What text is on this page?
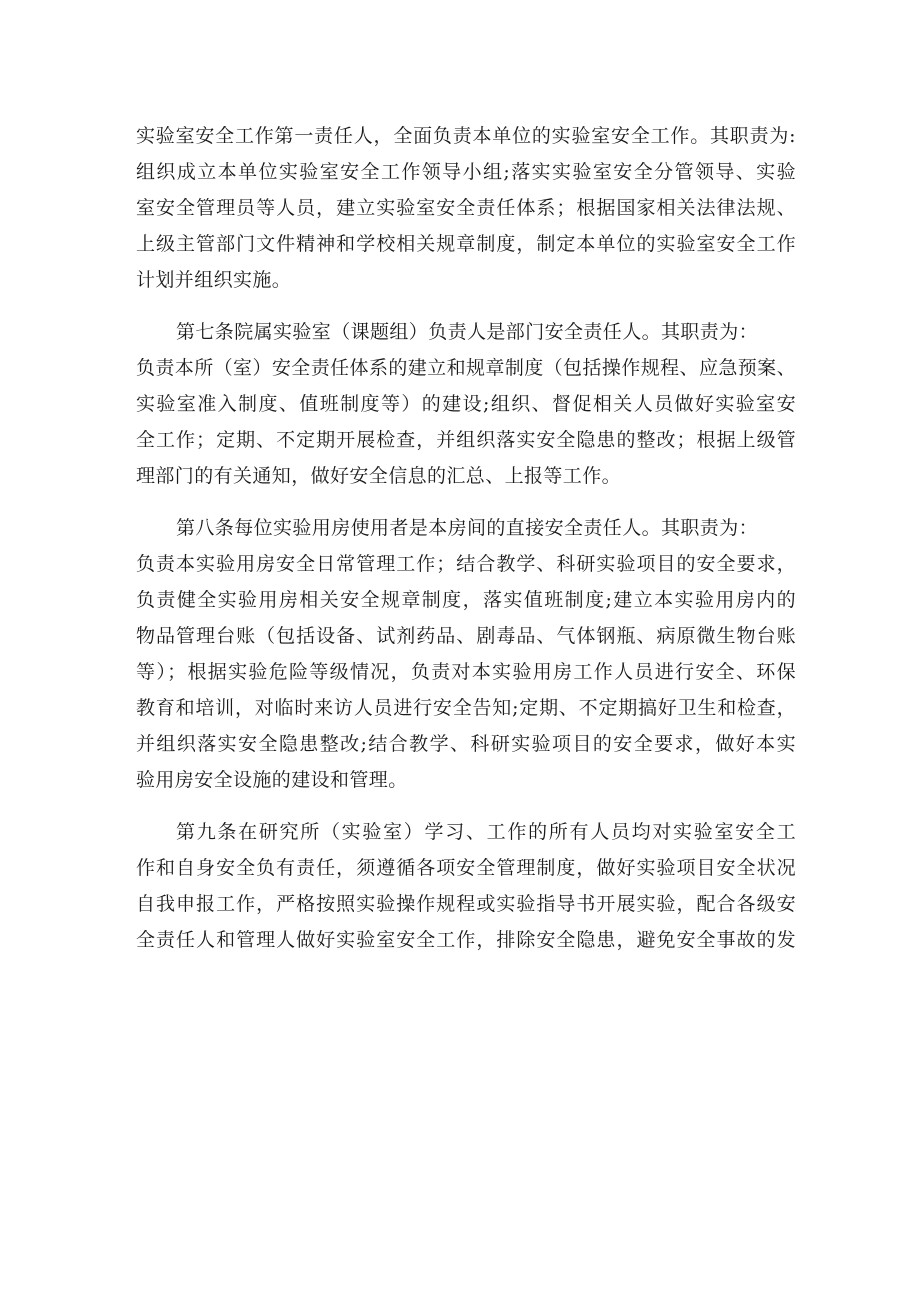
实验室安全工作第一责任人，全面负责本单位的实验室安全工作。其职责为:
组织成立本单位实验室安全工作领导小组;落实实验室安全分管领导、实验
室安全管理员等人员，建立实验室安全责任体系；根据国家相关法律法规、
上级主管部门文件精神和学校相关规章制度，制定本单位的实验室安全工作
计划并组织实施。
第七条院属实验室（课题组）负责人是部门安全责任人。其职责为：
负责本所（室）安全责任体系的建立和规章制度（包括操作规程、应急预案、
实验室准入制度、值班制度等）的建设;组织、督促相关人员做好实验室安
全工作；定期、不定期开展检查，并组织落实安全隐患的整改；根据上级管
理部门的有关通知，做好安全信息的汇总、上报等工作。
第八条每位实验用房使用者是本房间的直接安全责任人。其职责为：
负责本实验用房安全日常管理工作；结合教学、科研实验项目的安全要求，
负责健全实验用房相关安全规章制度，落实值班制度;建立本实验用房内的
物品管理台账（包括设备、试剂药品、剧毒品、气体钢瓶、病原微生物台账
等）；根据实验危险等级情况，负责对本实验用房工作人员进行安全、环保
教育和培训，对临时来访人员进行安全告知;定期、不定期搞好卫生和检查，
并组织落实安全隐患整改;结合教学、科研实验项目的安全要求，做好本实
验用房安全设施的建设和管理。
第九条在研究所（实验室）学习、工作的所有人员均对实验室安全工
作和自身安全负有责任，须遵循各项安全管理制度，做好实验项目安全状况
自我申报工作，严格按照实验操作规程或实验指导书开展实验，配合各级安
全责任人和管理人做好实验室安全工作，排除安全隐患，避免安全事故的发
